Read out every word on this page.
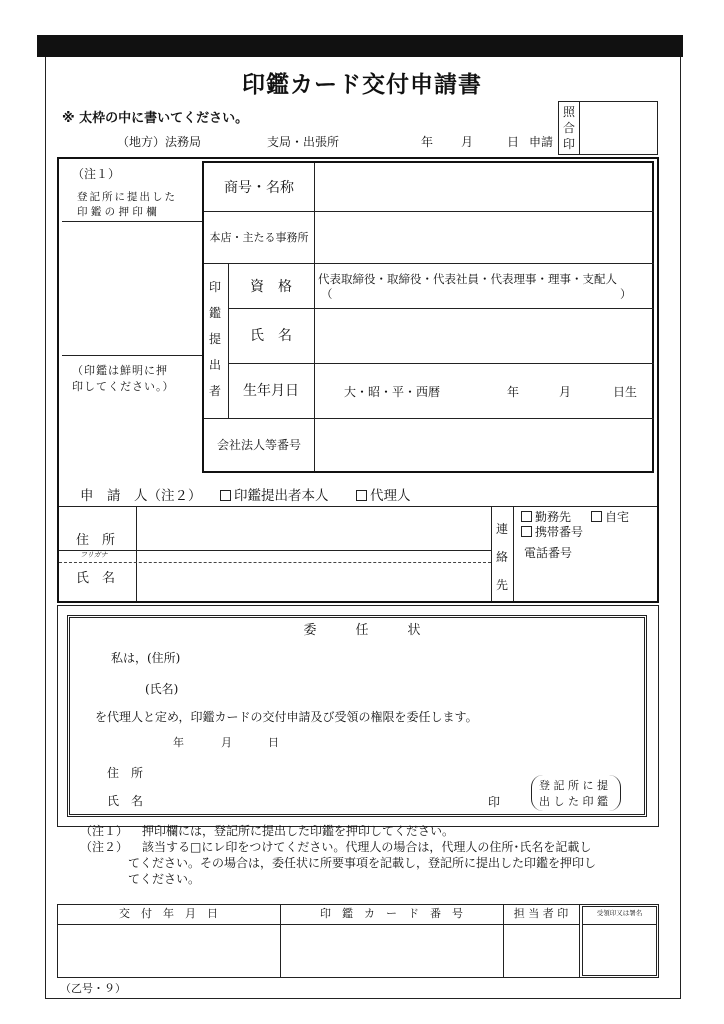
印鑑カード交付申請書
※ 太枠の中に書いてください。
（地方）法務局	支局・出張所	年 月	日 申請
照
合
印
（注１）
登記所に提出した
印 鑑 の 押 印 欄
（印鑑は鮮明に押
印してください。）
商号・名称
本店・主たる事務所
印
鑑
提
出
者
資　格	代表取締役・取締役・代表社員・代表理事・理事・支配人
（	）
氏　名
生年月日	大・昭・平・西暦	年	月	日生
会社法人等番号
申　請　人（注２）	印鑑提出者本人	代理人
住　所
フリガナ
氏　名
連
絡
先
勤務先	自宅
携帯番号
電話番号
委　　　任　　　状
私は，(住所)
(氏名)
を代理人と定め，印鑑カードの交付申請及び受領の権限を委任します。
年	月	日
住　所
氏　名	印
登 記 所 に 提
出 し た 印 鑑
（注１） 押印欄には，登記所に提出した印鑑を押印してください。
（注２） 該当する□にレ印をつけてください。代理人の場合は，代理人の住所･氏名を記載し
てください。その場合は，委任状に所要事項を記載し，登記所に提出した印鑑を押印し
てください。
交　付　年　月　日	印　鑑　カ　ー　ド　番　号	担 当 者 印	受領印又は署名
（乙号・９）
